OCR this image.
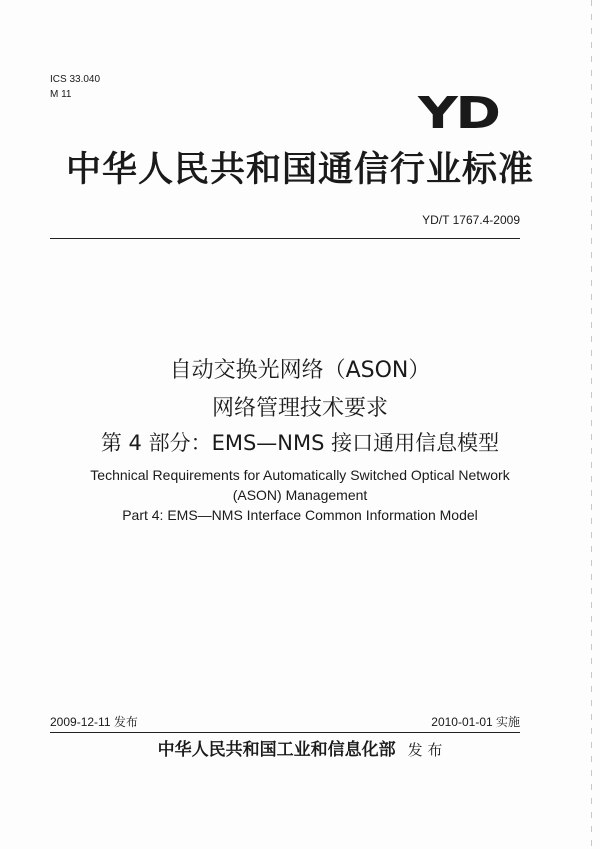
ICS 33.040
M 11	YD
中华人民共和国通信行业标准
YD/T 1767.4-2009
自动交换光网络（ASON）
网络管理技术要求
第 4 部分：EMS—NMS 接口通用信息模型
Technical Requirements for Automatically Switched Optical Network
(ASON) Management
Part 4: EMS—NMS Interface Common Information Model
2009-12-11 发布	2010-01-01 实施
中华人民共和国工业和信息化部 发 布
